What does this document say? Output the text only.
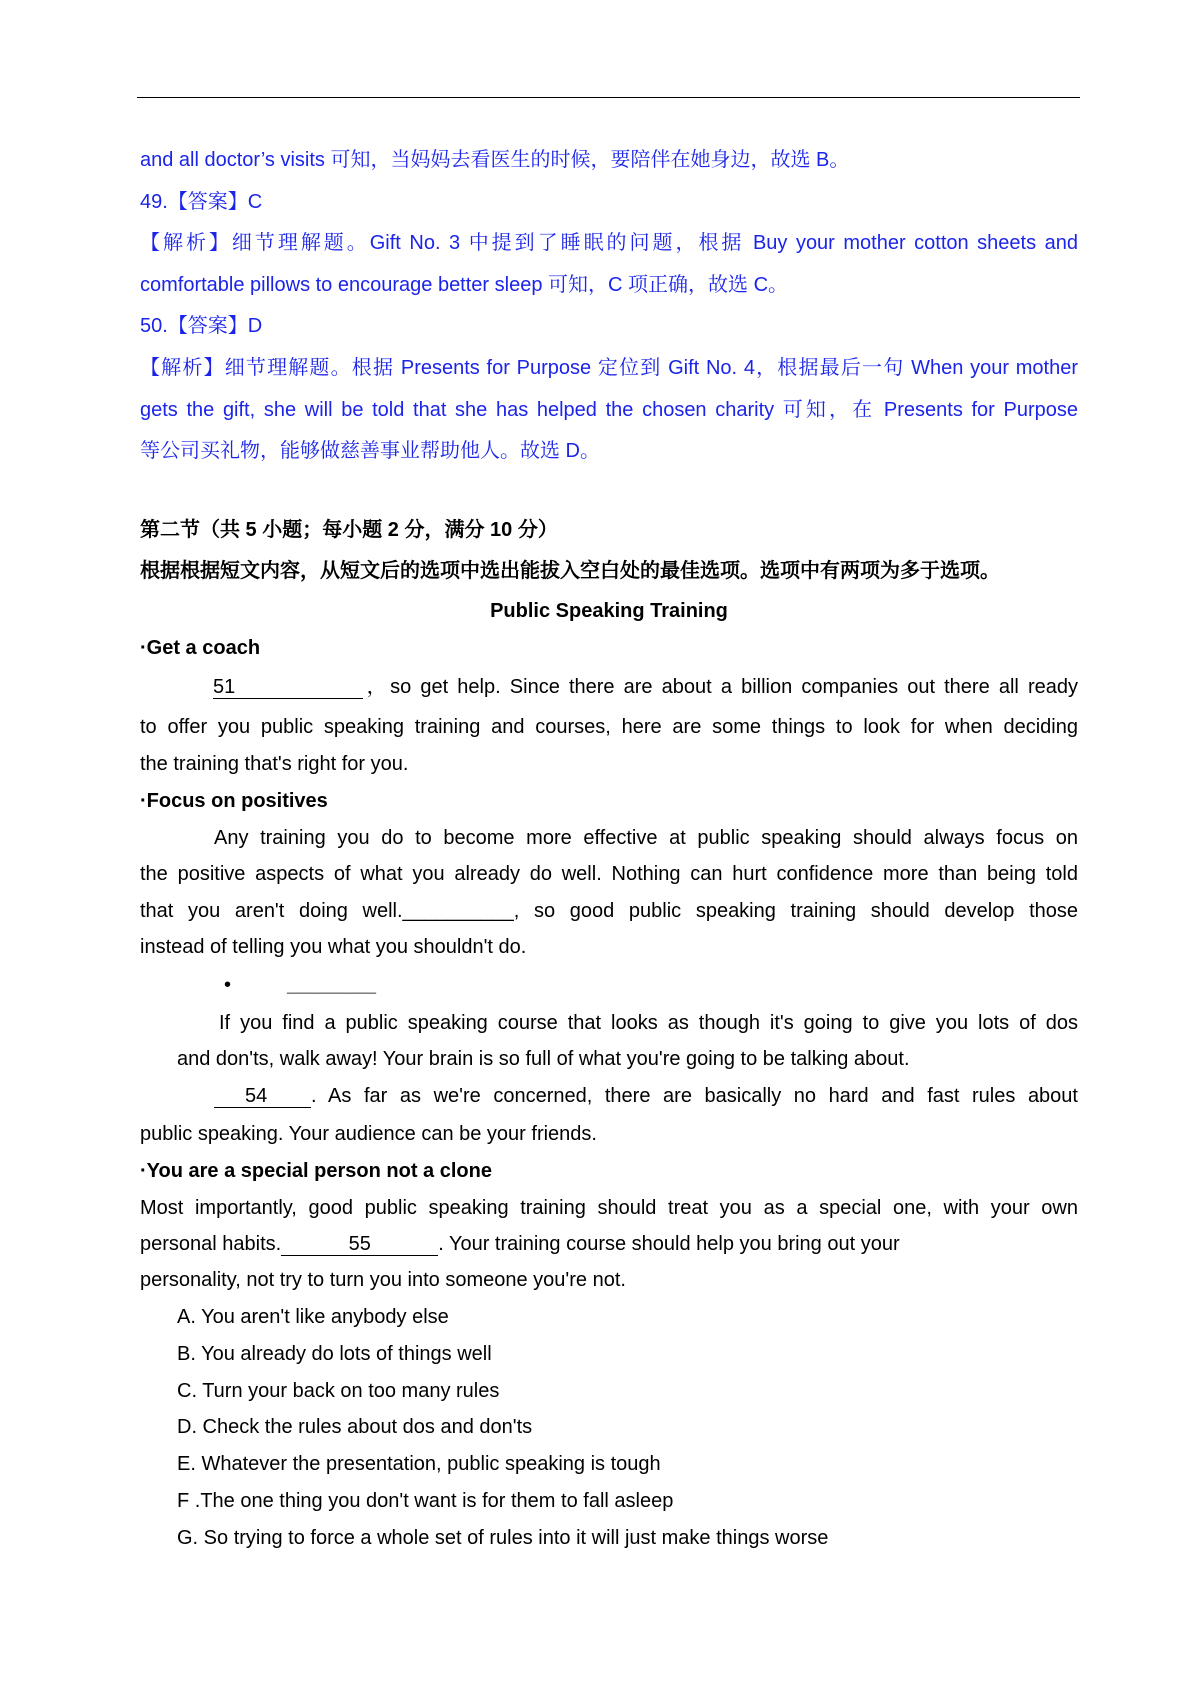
and all doctor’s visits 可知，当妈妈去看医生的时候，要陪伴在她身边，故选 B。
49.【答案】C
【解析】细节理解题。Gift No. 3 中提到了睡眠的问题，根据 Buy your mother cotton sheets and
comfortable pillows to encourage better sleep 可知，C 项正确，故选 C。
50.【答案】D
【解析】细节理解题。根据 Presents for Purpose 定位到 Gift No. 4，根据最后一句 When your mother
gets the gift, she will be told that she has helped the chosen charity 可知，在 Presents for Purpose
等公司买礼物，能够做慈善事业帮助他人。故选 D。
第二节（共 5 小题；每小题 2 分，满分 10 分）
根据根据短文内容，从短文后的选项中选出能拔入空白处的最佳选项。选项中有两项为多于选项。
Public Speaking Training
·Get a coach
51	，so get help. Since there are about a billion companies out there all ready
to offer you public speaking training and courses, here are some things to look for when deciding
the training that's right for you.
·Focus on positives
Any training you do to become more effective at public speaking should always focus on
the positive aspects of what you already do well. Nothing can hurt confidence more than being told
that you aren't doing well.__________, so good public speaking training should develop those
instead of telling you what you shouldn't do.
•	________
If you find a public speaking course that looks as though it's going to give you lots of dos
and don'ts, walk away! Your brain is so full of what you're going to be talking about.
54 . As far as we're concerned, there are basically no hard and fast rules about
public speaking. Your audience can be your friends.
·You are a special person not a clone
Most importantly, good public speaking training should treat you as a special one, with your own
personal habits.	55	. Your training course should help you bring out your
personality, not try to turn you into someone you're not.
A. You aren't like anybody else
B. You already do lots of things well
C. Turn your back on too many rules
D. Check the rules about dos and don'ts
E. Whatever the presentation, public speaking is tough
F .The one thing you don't want is for them to fall asleep
G. So trying to force a whole set of rules into it will just make things worse
